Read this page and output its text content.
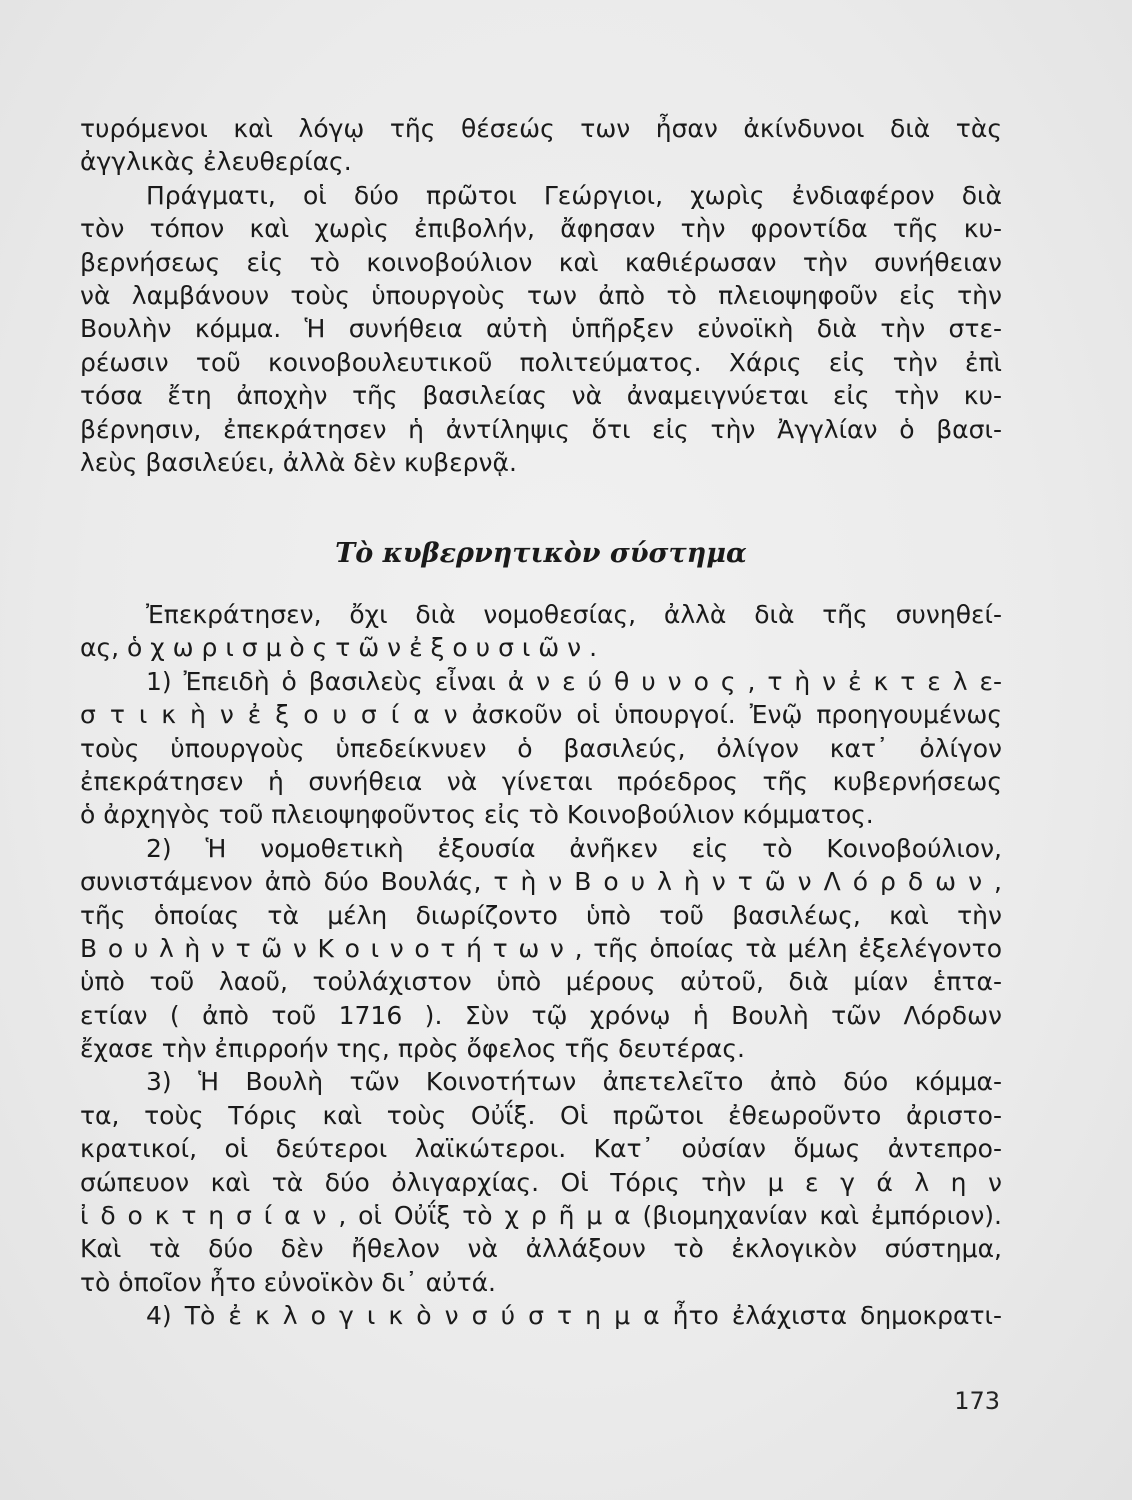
τυρόμενοι καὶ λόγῳ τῆς θέσεώς των ἦσαν ἀκίνδυνοι διὰ τὰς
ἀγγλικὰς ἐλευθερίας.
Πράγματι, οἱ δύο πρῶτοι Γεώργιοι, χωρὶς ἐνδιαφέρον διὰ
τὸν τόπον καὶ χωρὶς ἐπιβολήν, ἄφησαν τὴν φροντίδα τῆς κυ-
βερνήσεως εἰς τὸ κοινοβούλιον καὶ καθιέρωσαν τὴν συνήθειαν
νὰ λαμβάνουν τοὺς ὑπουργοὺς των ἀπὸ τὸ πλειοψηφοῦν εἰς τὴν
Βουλὴν κόμμα. Ἡ συνήθεια αὐτὴ ὑπῆρξεν εὐνοϊκὴ διὰ τὴν στε-
ρέωσιν τοῦ κοινοβουλευτικοῦ πολιτεύματος. Χάρις εἰς τὴν ἐπὶ
τόσα ἔτη ἀποχὴν τῆς βασιλείας νὰ ἀναμειγνύεται εἰς τὴν κυ-
βέρνησιν, ἐπεκράτησεν ἡ ἀντίληψις ὅτι εἰς τὴν Ἀγγλίαν ὁ βασι-
λεὺς βασιλεύει, ἀλλὰ δὲν κυβερνᾷ.
Τὸ κυβερνητικὸν σύστημα
Ἐπεκράτησεν, ὄχι διὰ νομοθεσίας, ἀλλὰ διὰ τῆς συνηθεί-
ας, ὁ χ ω ρ ι σ μ ὸ ς τ ῶ ν ἐ ξ ο υ σ ι ῶ ν .
1) Ἐπειδὴ ὁ βασιλεὺς εἶναι ἀ ν ε ύ θ υ ν ο ς , τ ὴ ν ἐ κ τ ε λ ε-
σ τ ι κ ὴ ν ἐ ξ ο υ σ ί α ν ἀσκοῦν οἱ ὑπουργοί. Ἐνῷ προηγουμένως
τοὺς ὑπουργοὺς ὑπεδείκνυεν ὁ βασιλεύς, ὀλίγον κατ᾽ ὀλίγον
ἐπεκράτησεν ἡ συνήθεια νὰ γίνεται πρόεδρος τῆς κυβερνήσεως
ὁ ἀρχηγὸς τοῦ πλειοψηφοῦντος εἰς τὸ Κοινοβούλιον κόμματος.
2) Ἡ νομοθετικὴ ἐξουσία ἀνῆκεν εἰς τὸ Κοινοβούλιον,
συνιστάμενον ἀπὸ δύο Βουλάς, τ ὴ ν Β ο υ λ ὴ ν τ ῶ ν Λ ό ρ δ ω ν ,
τῆς ὁποίας τὰ μέλη διωρίζοντο ὑπὸ τοῦ βασιλέως, καὶ τὴν
Β ο υ λ ὴ ν τ ῶ ν Κ ο ι ν ο τ ή τ ω ν , τῆς ὁποίας τὰ μέλη ἐξελέγοντο
ὑπὸ τοῦ λαοῦ, τοὐλάχιστον ὑπὸ μέρους αὐτοῦ, διὰ μίαν ἑπτα-
ετίαν ( ἀπὸ τοῦ 1716 ). Σὺν τῷ χρόνῳ ἡ Βουλὴ τῶν Λόρδων
ἔχασε τὴν ἐπιρροήν της, πρὸς ὄφελος τῆς δευτέρας.
3) Ἡ Βουλὴ τῶν Κοινοτήτων ἀπετελεῖτο ἀπὸ δύο κόμμα-
τα, τοὺς Τόρις καὶ τοὺς Οὐΐξ. Οἱ πρῶτοι ἐθεωροῦντο ἀριστο-
κρατικοί, οἱ δεύτεροι λαϊκώτεροι. Κατ᾽ οὐσίαν ὅμως ἀντεπρο-
σώπευον καὶ τὰ δύο ὀλιγαρχίας. Οἱ Τόρις τὴν μ ε γ ά λ η ν
ἰ δ ο κ τ η σ ί α ν , οἱ Οὐΐξ τὸ χ ρ ῆ μ α (βιομηχανίαν καὶ ἐμπόριον).
Καὶ τὰ δύο δὲν ἤθελον νὰ ἀλλάξουν τὸ ἐκλογικὸν σύστημα,
τὸ ὁποῖον ἦτο εὐνοϊκὸν δι᾽ αὐτά.
4) Τὸ ἐ κ λ ο γ ι κ ὸ ν σ ύ σ τ η μ α ἦτο ἐλάχιστα δημοκρατι-
173
